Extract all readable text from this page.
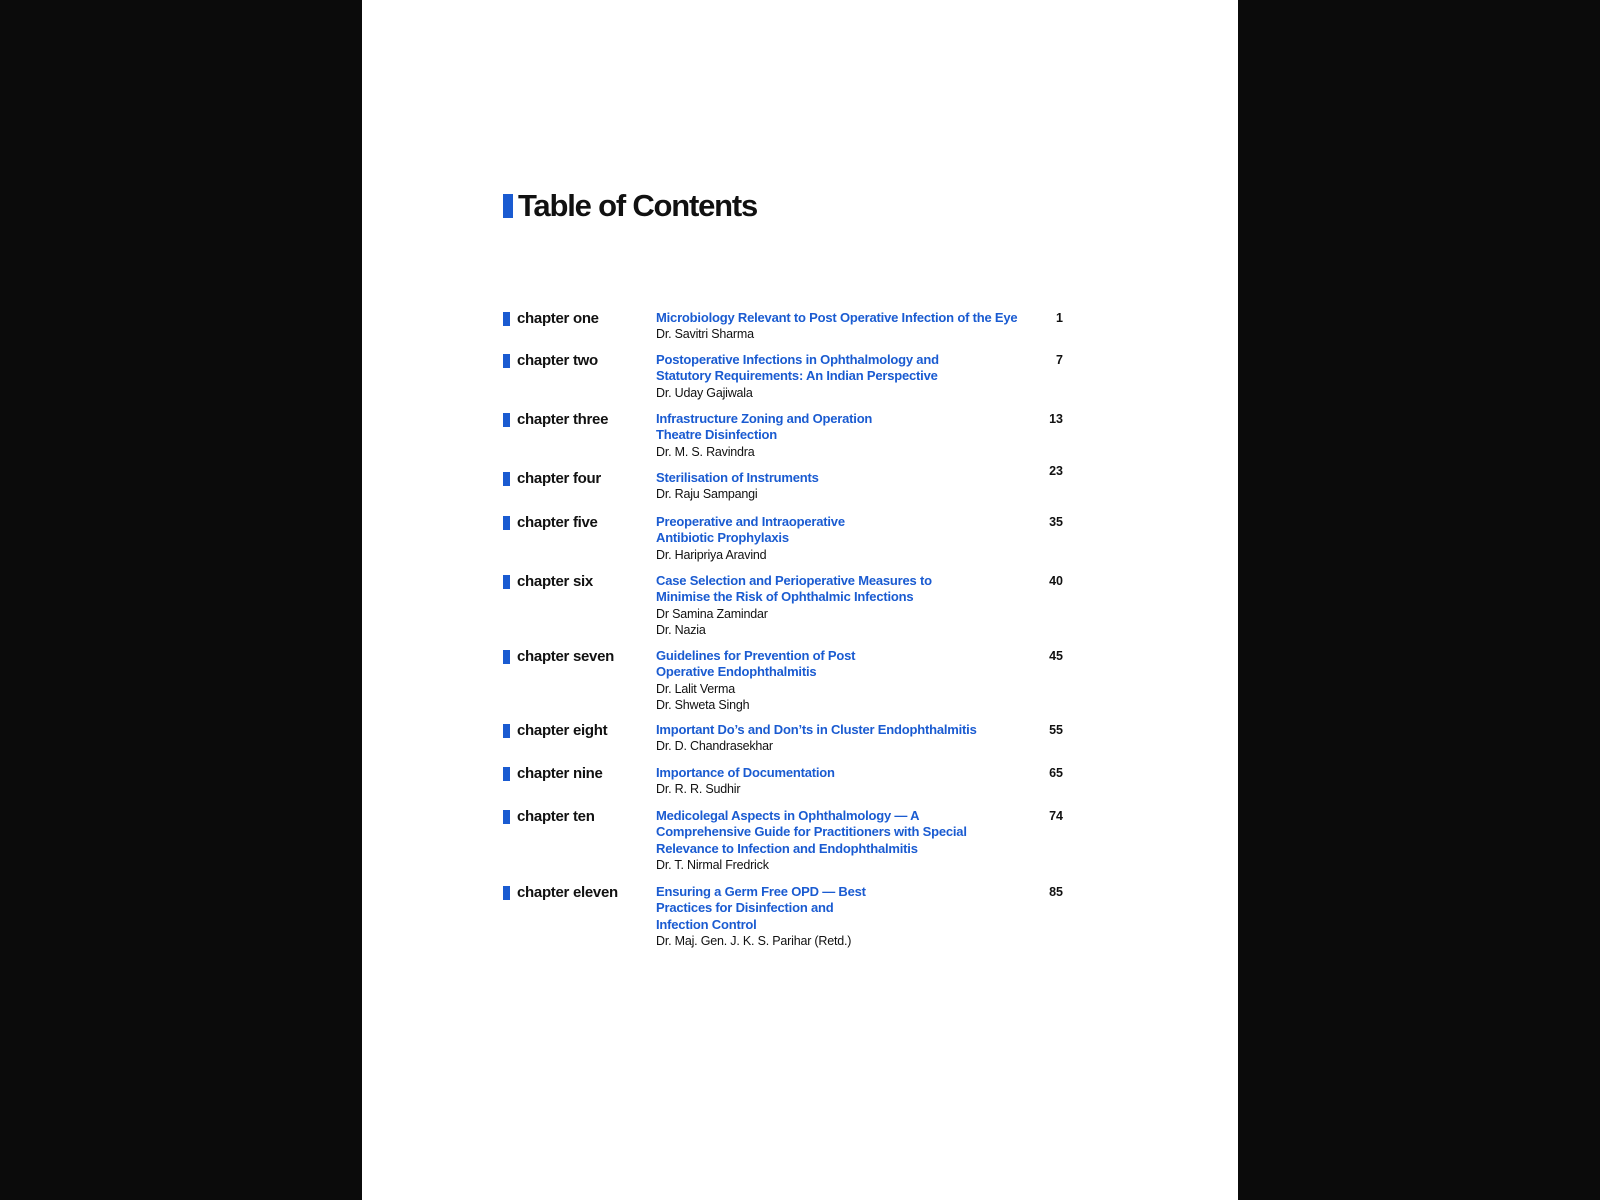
Table of Contents
chapter one	Microbiology Relevant to Post Operative Infection of the Eye
Dr. Savitri Sharma
1
chapter two	Postoperative Infections in Ophthalmology and
Statutory Requirements: An Indian Perspective
Dr. Uday Gajiwala
7
chapter three	Infrastructure Zoning and Operation
Theatre Disinfection
Dr. M. S. Ravindra
13
chapter four	Sterilisation of Instruments
Dr. Raju Sampangi
23
chapter five	Preoperative and Intraoperative
Antibiotic Prophylaxis
Dr. Haripriya Aravind
35
chapter six	Case Selection and Perioperative Measures to
Minimise the Risk of Ophthalmic Infections
Dr Samina Zamindar
Dr. Nazia
40
chapter seven	Guidelines for Prevention of Post
Operative Endophthalmitis
Dr. Lalit Verma
Dr. Shweta Singh
45
chapter eight	Important Do’s and Don’ts in Cluster Endophthalmitis
Dr. D. Chandrasekhar
55
chapter nine	Importance of Documentation
Dr. R. R. Sudhir
65
chapter ten	Medicolegal Aspects in Ophthalmology — A
Comprehensive Guide for Practitioners with Special
Relevance to Infection and Endophthalmitis
Dr. T. Nirmal Fredrick
74
chapter eleven	Ensuring a Germ Free OPD — Best
Practices for Disinfection and
Infection Control
Dr. Maj. Gen. J. K. S. Parihar (Retd.)
85
